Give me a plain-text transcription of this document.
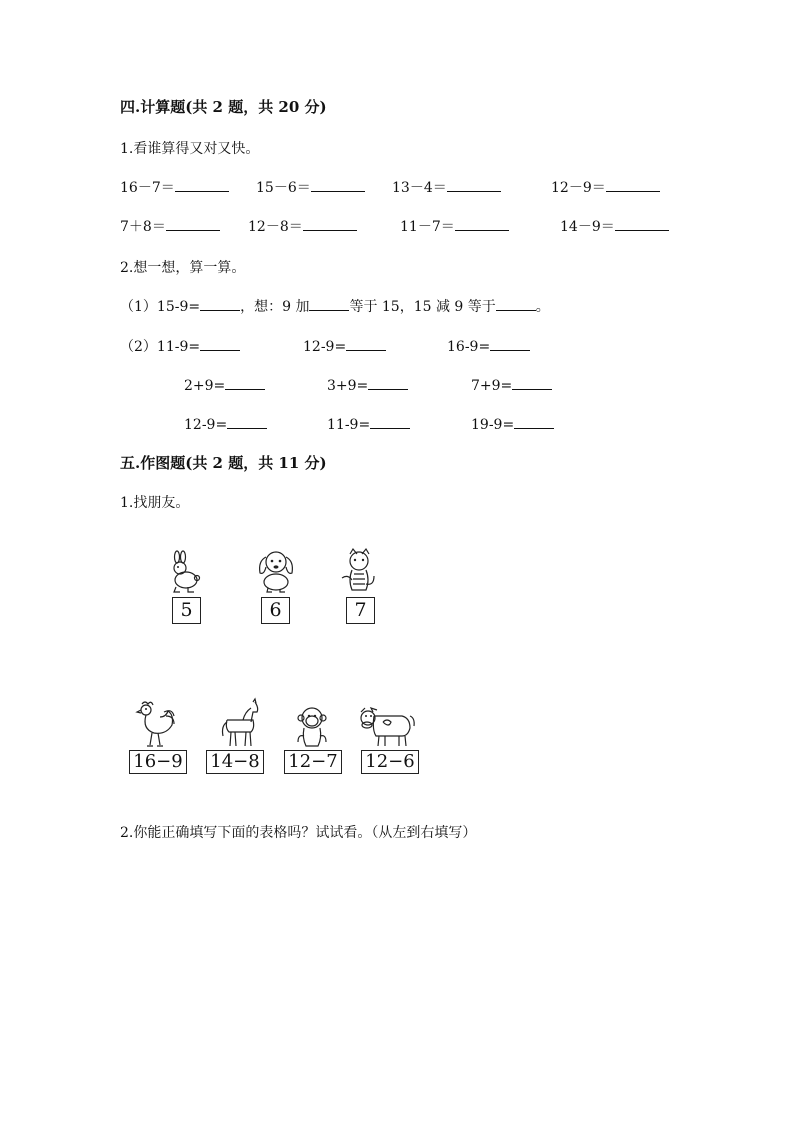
四.计算题(共 2 题，共 20 分)
1.看谁算得又对又快。
16－7＝	15－6＝	13－4＝	12－9＝
7＋8＝	12－8＝	11－7＝	14－9＝
2.想一想，算一算。
（1）15-9=	，想：9 加	等于 15，15 减 9 等于	。
（2）11-9=	12-9=	16-9=
2+9=	3+9=	7+9=
12-9=	11-9=	19-9=
五.作图题(共 2 题，共 11 分)
1.找朋友。
5	6	7
16−9 14−8 12−7 12−6
2.你能正确填写下面的表格吗？试试看。（从左到右填写）
